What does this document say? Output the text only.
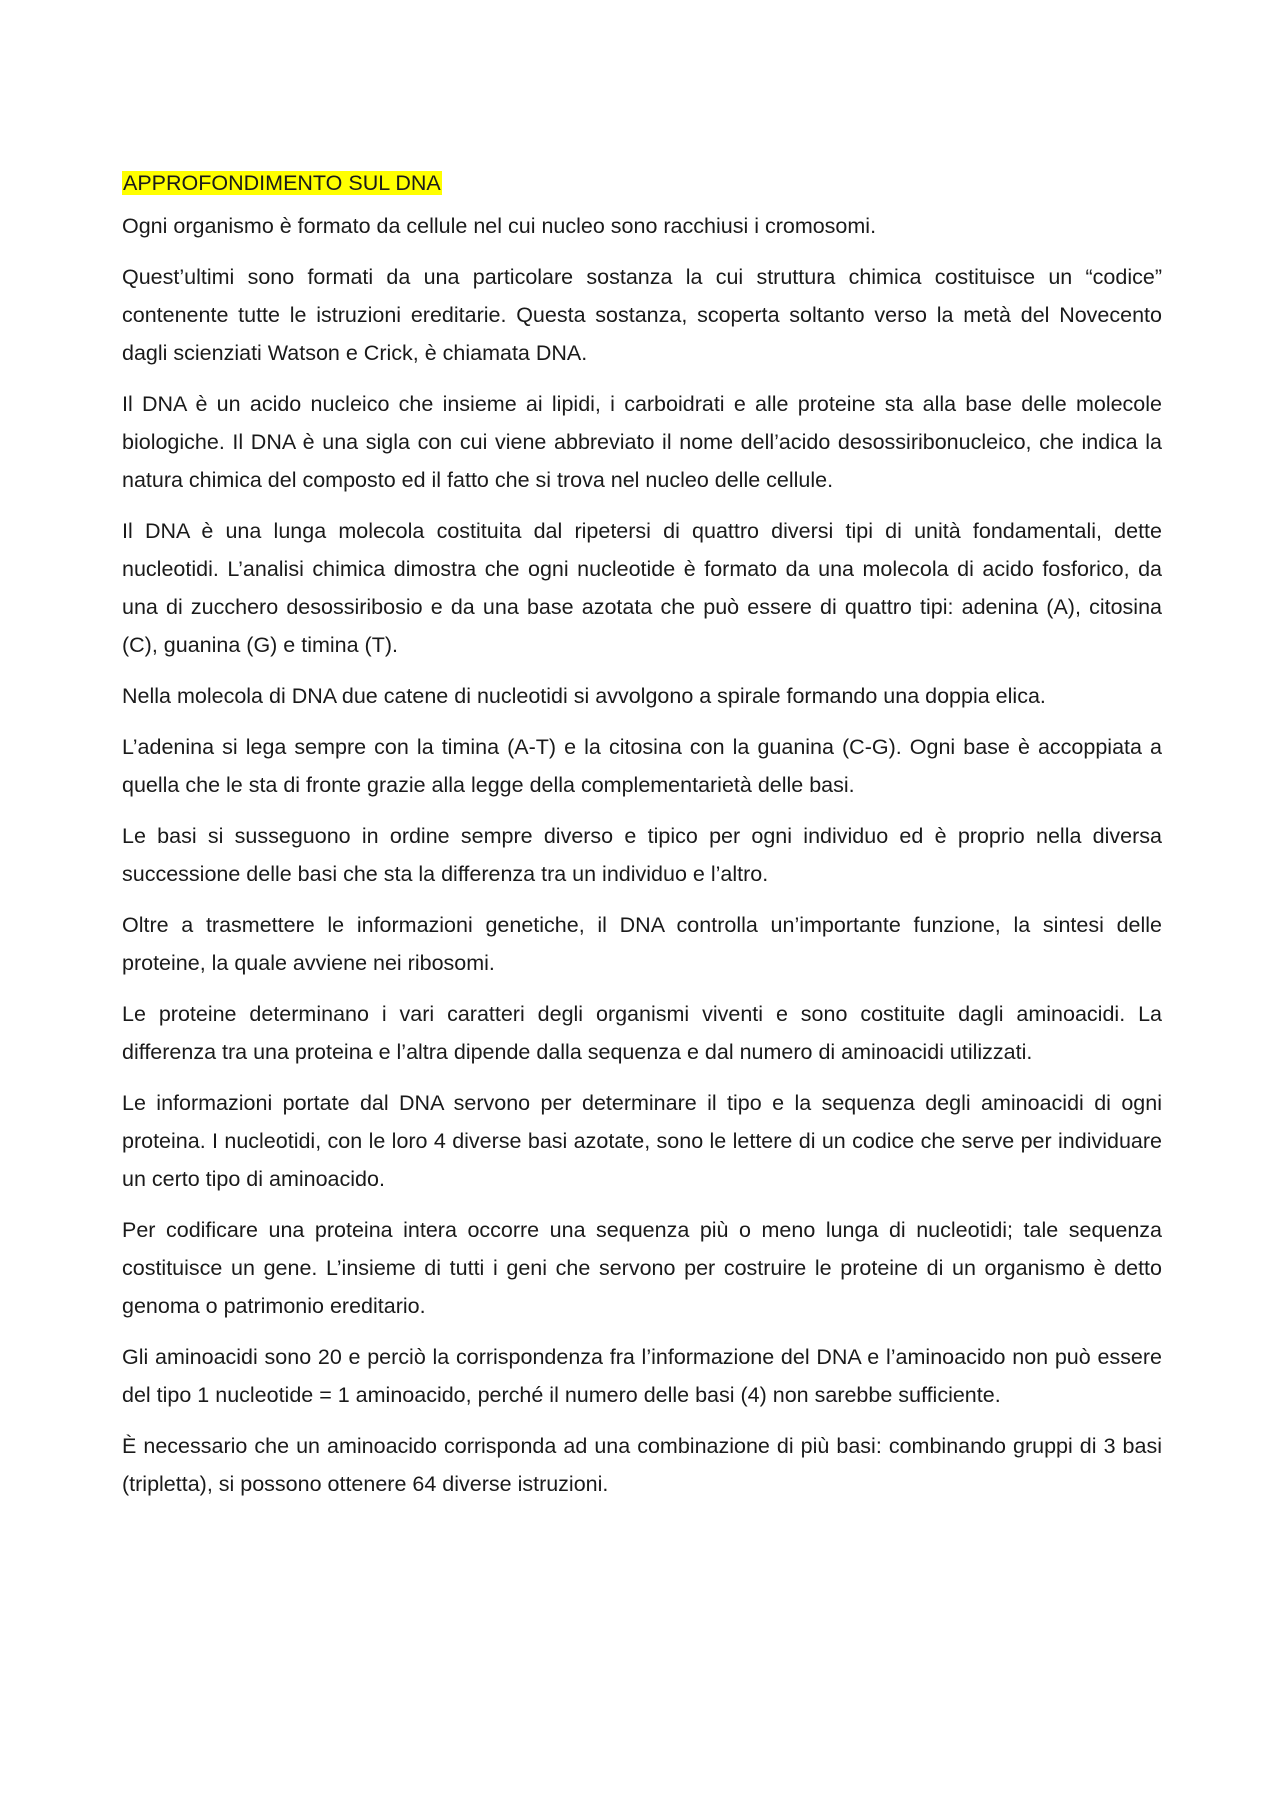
APPROFONDIMENTO SUL DNA

Ogni organismo è formato da cellule nel cui nucleo sono racchiusi i cromosomi.

Quest’ultimi sono formati da una particolare sostanza la cui struttura chimica costituisce un “codice” contenente tutte le istruzioni ereditarie. Questa sostanza, scoperta soltanto verso la metà del Novecento dagli scienziati Watson e Crick, è chiamata DNA.

Il DNA è un acido nucleico che insieme ai lipidi, i carboidrati e alle proteine sta alla base delle molecole biologiche. Il DNA è una sigla con cui viene abbreviato il nome dell’acido desossiribonucleico, che indica la natura chimica del composto ed il fatto che si trova nel nucleo delle cellule.

Il DNA è una lunga molecola costituita dal ripetersi di quattro diversi tipi di unità fondamentali, dette nucleotidi. L’analisi chimica dimostra che ogni nucleotide è formato da una molecola di acido fosforico, da una di zucchero desossiribosio e da una base azotata che può essere di quattro tipi: adenina (A), citosina (C), guanina (G) e timina (T).

Nella molecola di DNA due catene di nucleotidi si avvolgono a spirale formando una doppia elica.

L’adenina si lega sempre con la timina (A-T) e la citosina con la guanina (C-G). Ogni base è accoppiata a quella che le sta di fronte grazie alla legge della complementarietà delle basi.

Le basi si susseguono in ordine sempre diverso e tipico per ogni individuo ed è proprio nella diversa successione delle basi che sta la differenza tra un individuo e l’altro.

Oltre a trasmettere le informazioni genetiche, il DNA controlla un’importante funzione, la sintesi delle proteine, la quale avviene nei ribosomi.

Le proteine determinano i vari caratteri degli organismi viventi e sono costituite dagli aminoacidi. La differenza tra una proteina e l’altra dipende dalla sequenza e dal numero di aminoacidi utilizzati.

Le informazioni portate dal DNA servono per determinare il tipo e la sequenza degli aminoacidi di ogni proteina. I nucleotidi, con le loro 4 diverse basi azotate, sono le lettere di un codice che serve per individuare un certo tipo di aminoacido.

Per codificare una proteina intera occorre una sequenza più o meno lunga di nucleotidi; tale sequenza costituisce un gene. L’insieme di tutti i geni che servono per costruire le proteine di un organismo è detto genoma o patrimonio ereditario.

Gli aminoacidi sono 20 e perciò la corrispondenza fra l’informazione del DNA e l’aminoacido non può essere del tipo 1 nucleotide = 1 aminoacido, perché il numero delle basi (4) non sarebbe sufficiente.

È necessario che un aminoacido corrisponda ad una combinazione di più basi: combinando gruppi di 3 basi (tripletta), si possono ottenere 64 diverse istruzioni.
